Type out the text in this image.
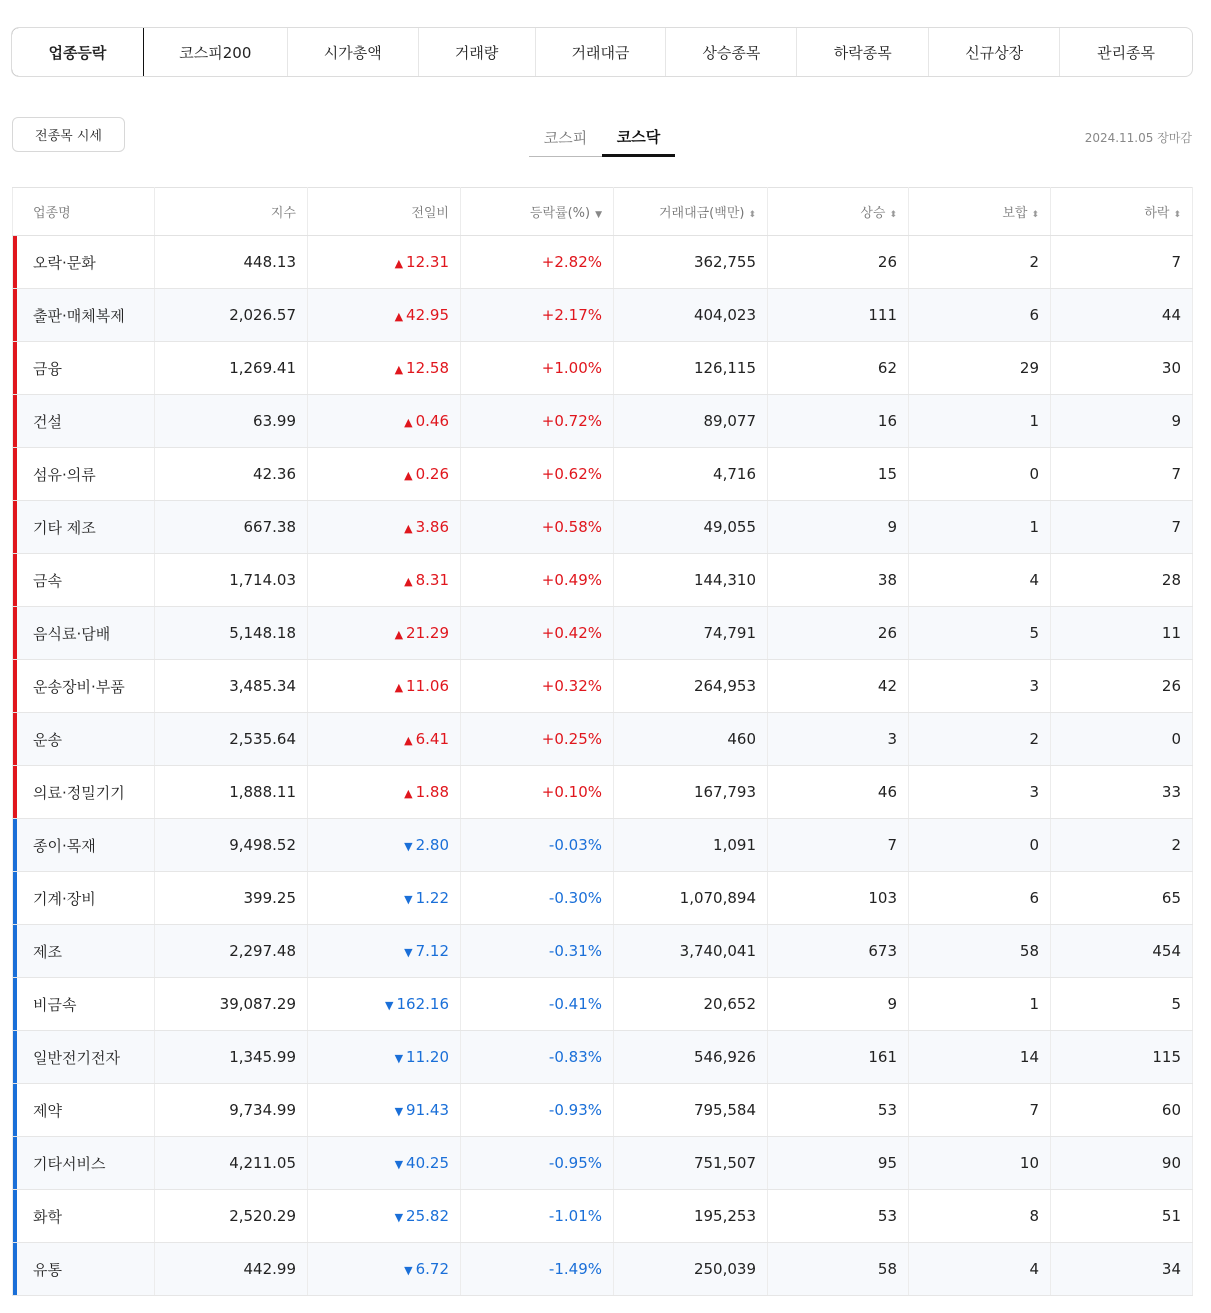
업종등락	코스피200	시가총액	거래량	거래대금	상승종목	하락종목	신규상장	관리종목
전종목 시세	코스피	코스닥	2024.11.05 장마감
업종명	지수	전일비	등락률(%) ▼	거래대금(백만) ⬍	상승 ⬍	보합 ⬍	하락 ⬍

오락·문화	448.13	▲ 12.31	+2.82%	362,755	26	2	7

출판·매체복제	2,026.57	▲ 42.95	+2.17%	404,023	111	6	44

금융	1,269.41	▲ 12.58	+1.00%	126,115	62	29	30

건설	63.99	▲ 0.46	+0.72%	89,077	16	1	9

섬유·의류	42.36	▲ 0.26	+0.62%	4,716	15	0	7

기타 제조	667.38	▲ 3.86	+0.58%	49,055	9	1	7

금속	1,714.03	▲ 8.31	+0.49%	144,310	38	4	28

음식료·담배	5,148.18	▲ 21.29	+0.42%	74,791	26	5	11

운송장비·부품	3,485.34	▲ 11.06	+0.32%	264,953	42	3	26

운송	2,535.64	▲ 6.41	+0.25%	460	3	2	0

의료·정밀기기	1,888.11	▲ 1.88	+0.10%	167,793	46	3	33

종이·목재	9,498.52	▼ 2.80	-0.03%	1,091	7	0	2

기계·장비	399.25	▼ 1.22	-0.30%	1,070,894	103	6	65

제조	2,297.48	▼ 7.12	-0.31%	3,740,041	673	58	454

비금속	39,087.29	▼ 162.16	-0.41%	20,652	9	1	5

일반전기전자	1,345.99	▼ 11.20	-0.83%	546,926	161	14	115

제약	9,734.99	▼ 91.43	-0.93%	795,584	53	7	60

기타서비스	4,211.05	▼ 40.25	-0.95%	751,507	95	10	90

화학	2,520.29	▼ 25.82	-1.01%	195,253	53	8	51

유통	442.99	▼ 6.72	-1.49%	250,039	58	4	34
